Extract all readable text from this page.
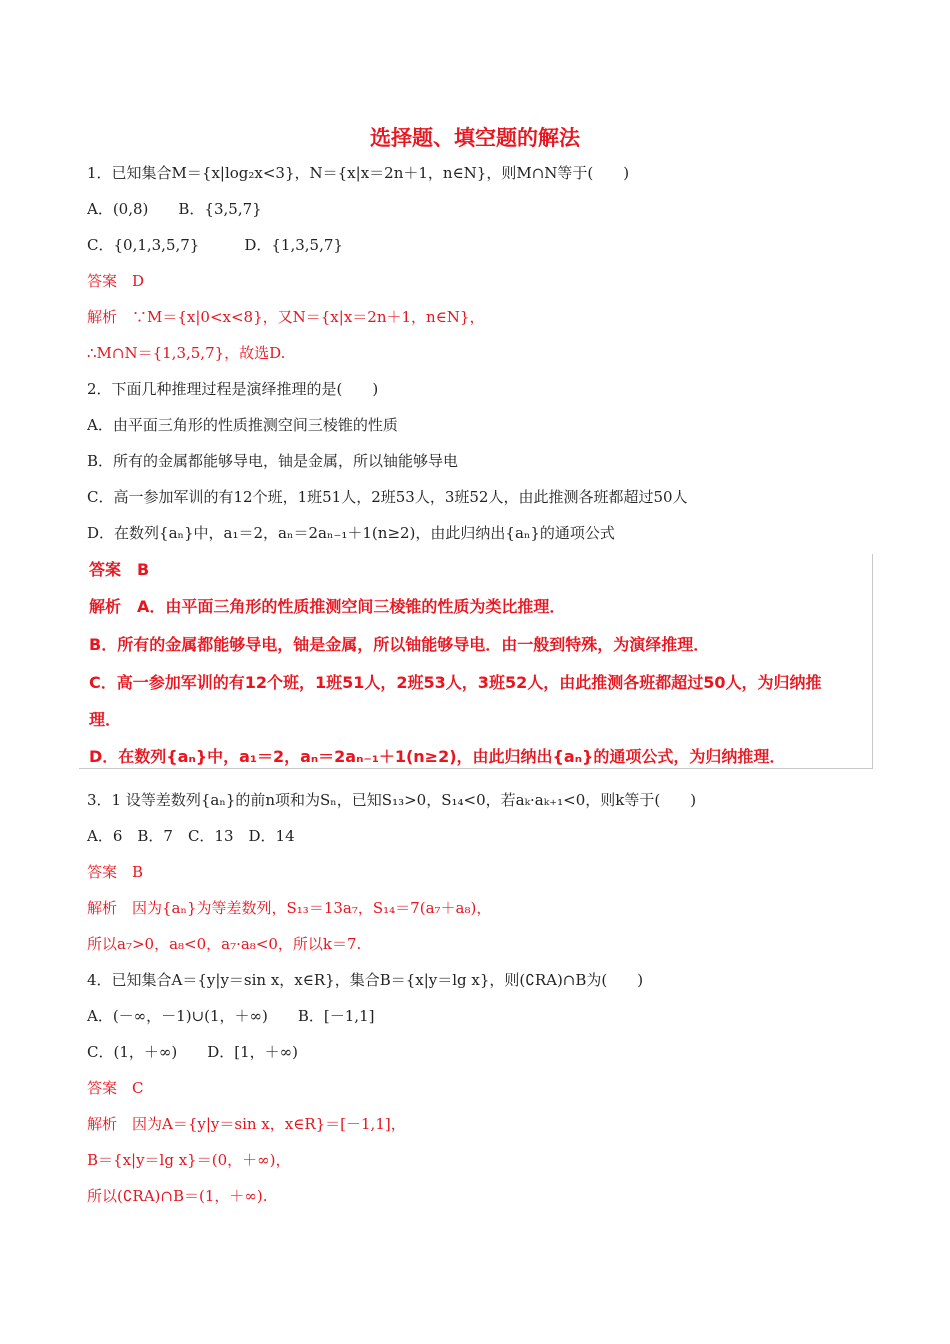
选择题、填空题的解法
1．已知集合M＝{x|log₂x<3}，N＝{x|x＝2n＋1，n∈N}，则M∩N等于(　　)
A．(0,8)　　B．{3,5,7}
C．{0,1,3,5,7}　　　D．{1,3,5,7}
答案　D
解析　∵M＝{x|0<x<8}，又N＝{x|x＝2n＋1，n∈N}，
∴M∩N＝{1,3,5,7}，故选D.
2．下面几种推理过程是演绎推理的是(　　)
A．由平面三角形的性质推测空间三棱锥的性质
B．所有的金属都能够导电，铀是金属，所以铀能够导电
C．高一参加军训的有12个班，1班51人，2班53人，3班52人，由此推测各班都超过50人
D．在数列{aₙ}中，a₁＝2，aₙ＝2aₙ₋₁＋1(n≥2)，由此归纳出{aₙ}的通项公式
答案　B
解析　A．由平面三角形的性质推测空间三棱锥的性质为类比推理．
B．所有的金属都能够导电，铀是金属，所以铀能够导电．由一般到特殊，为演绎推理．
C．高一参加军训的有12个班，1班51人，2班53人，3班52人，由此推测各班都超过50人，为归纳推
理．
D．在数列{aₙ}中，a₁＝2，aₙ＝2aₙ₋₁＋1(n≥2)，由此归纳出{aₙ}的通项公式，为归纳推理．
3．1 设等差数列{aₙ}的前n项和为Sₙ，已知S₁₃>0，S₁₄<0，若aₖ·aₖ₊₁<0，则k等于(　　)
A．6　B．7　C．13　D．14
答案　B
解析　因为{aₙ}为等差数列，S₁₃＝13a₇，S₁₄＝7(a₇＋a₈)，
所以a₇>0，a₈<0，a₇·a₈<0，所以k＝7.
4．已知集合A＝{y|y＝sin x，x∈R}，集合B＝{x|y＝lg x}，则(∁RA)∩B为(　　)
A．(－∞，－1)∪(1，＋∞)　　B．[－1,1]
C．(1，＋∞)　　D．[1，＋∞)
答案　C
解析　因为A＝{y|y＝sin x，x∈R}＝[－1,1]，
B＝{x|y＝lg x}＝(0，＋∞)，
所以(∁RA)∩B＝(1，＋∞).
